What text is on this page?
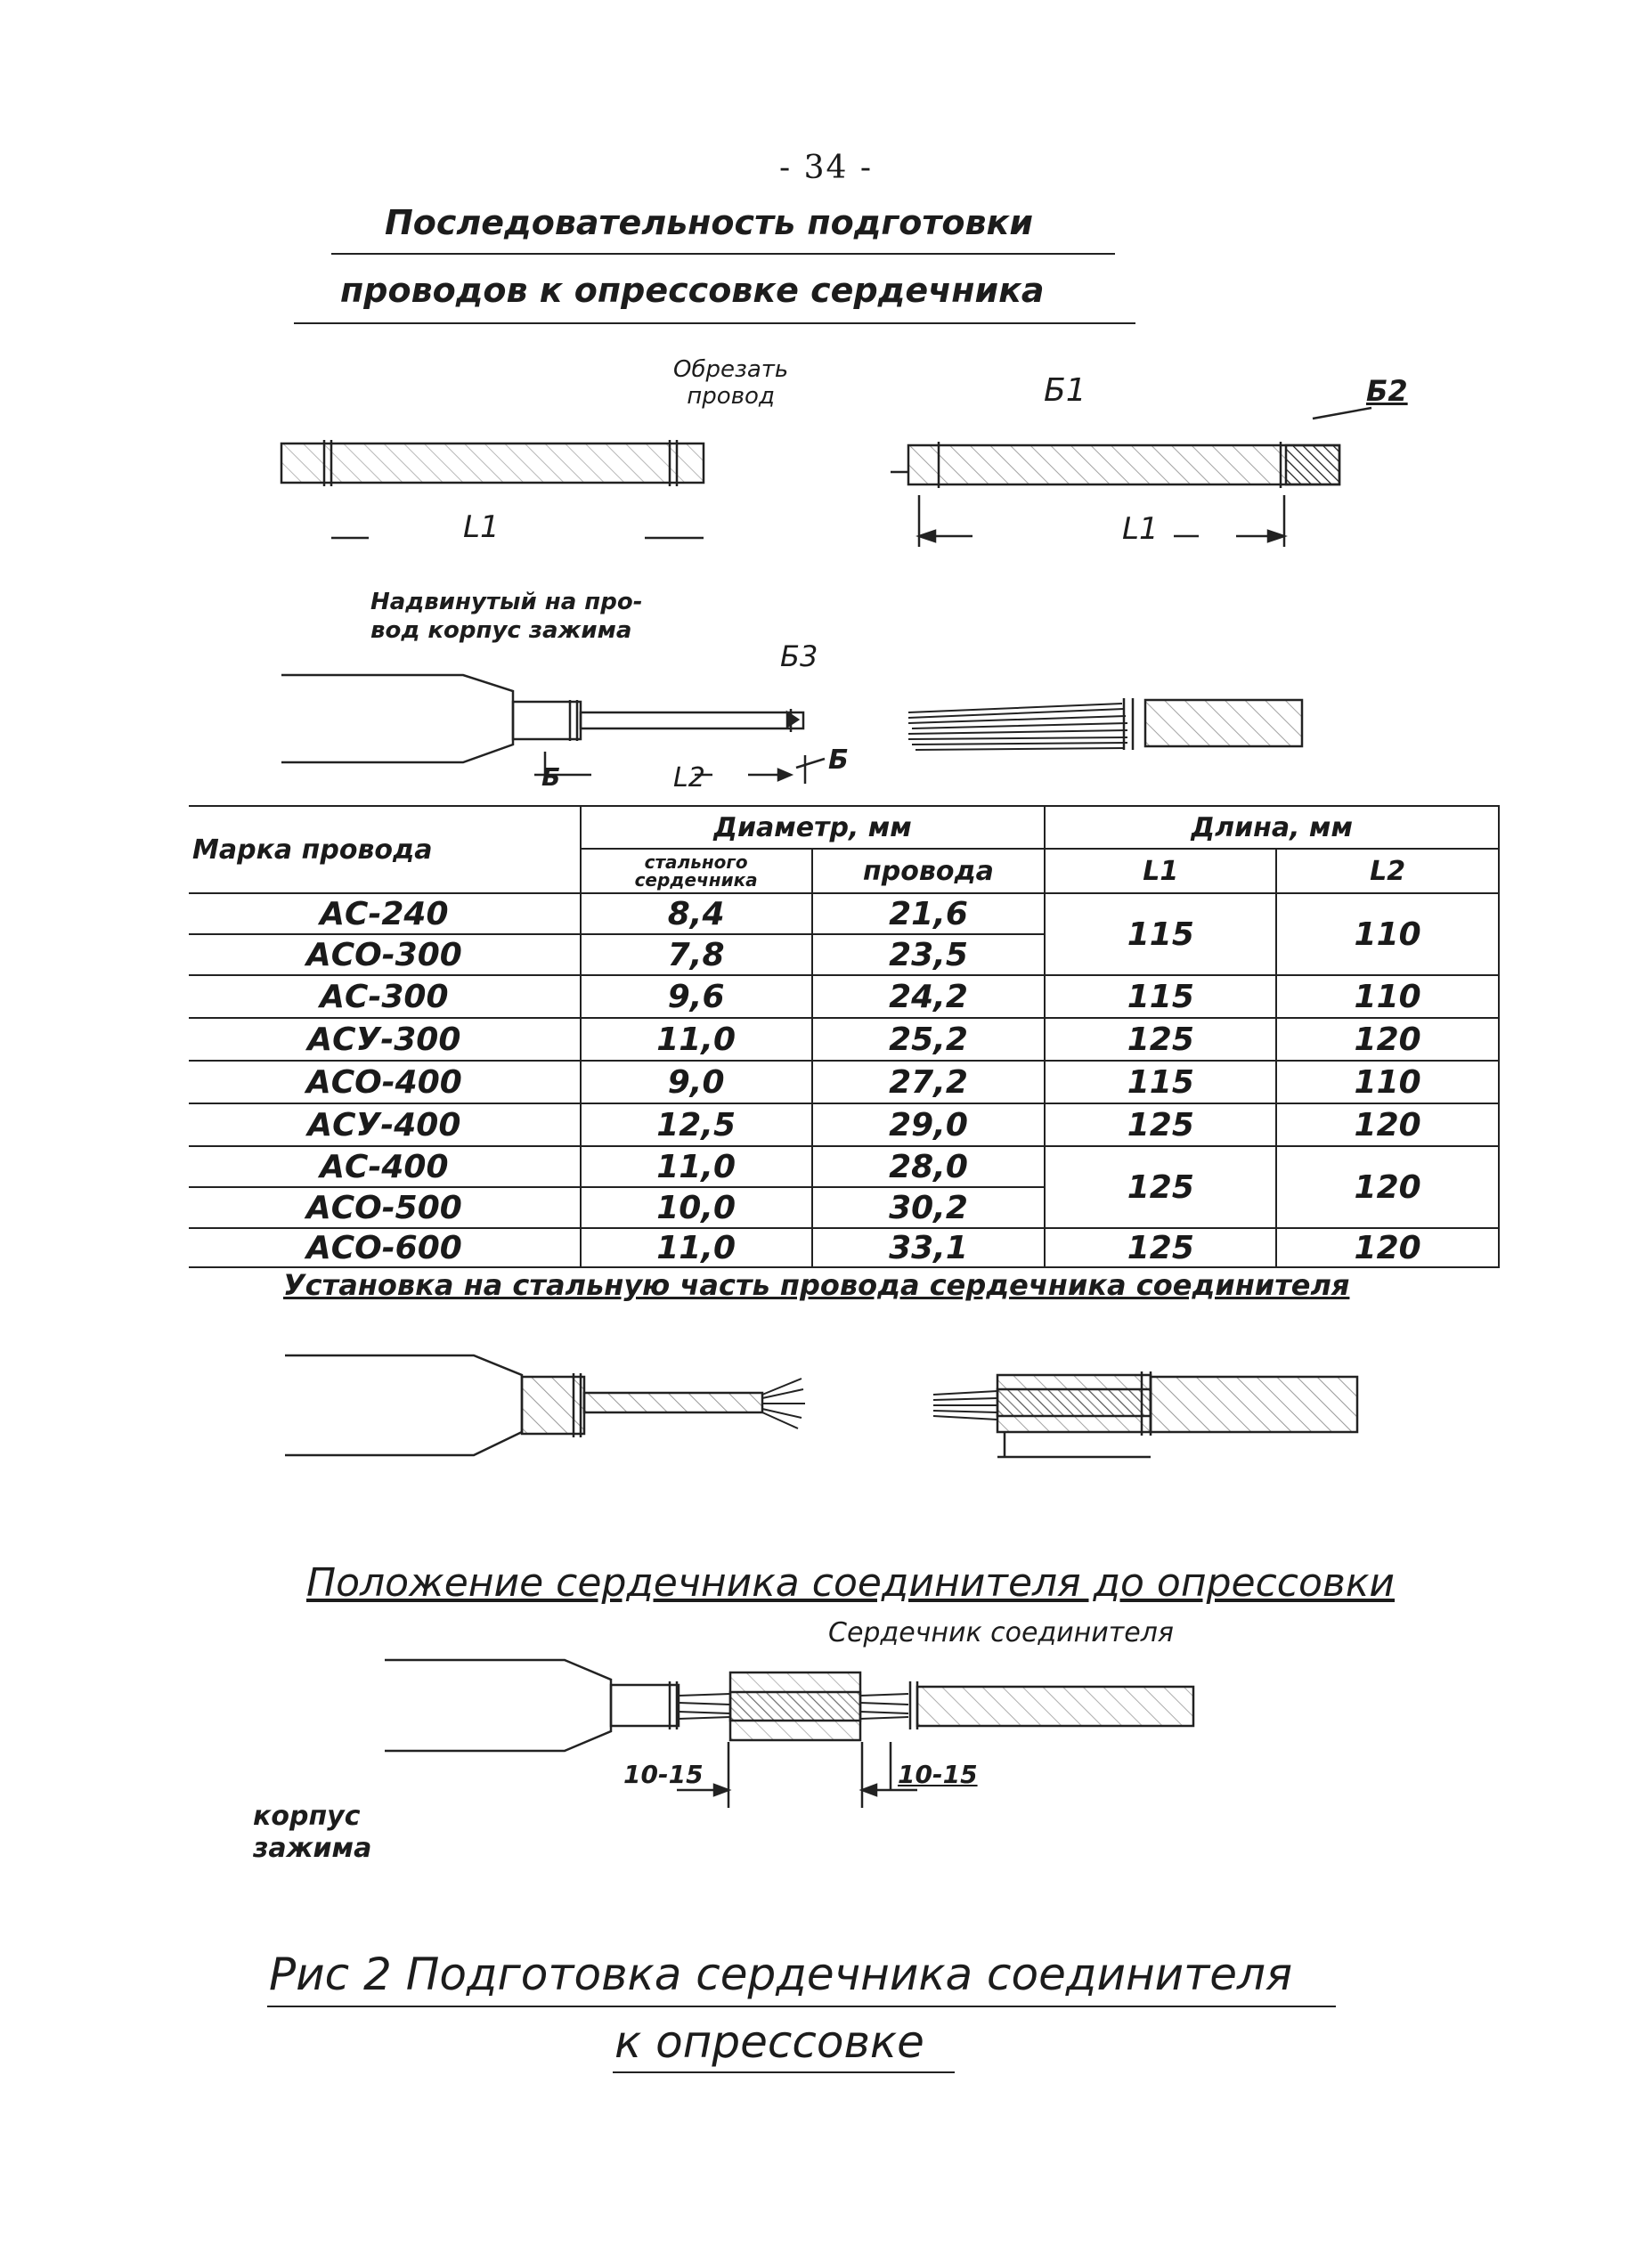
- 34 -
Последовательность подготовки
проводов к опрессовке сердечника
Обрезать
провод	Б1	Б2
L1	L1
Надвинутый на про-
вод корпус зажима
Б3
Б	L2
Б
Марка провода	Диаметр, мм		Длина, мм	
	стального сердечника	провода	L1	L2
АС-240	8,4	21,6	115	110
АСО-300	7,8	23,5		
АС-300	9,6	24,2	115	110
АСУ-300	11,0	25,2	125	120
АСО-400	9,0	27,2	115	110
АСУ-400	12,5	29,0	125	120
АС-400	11,0	28,0	125	120
АСО-500	10,0	30,2		
АСО-600	11,0	33,1	125	120
Установка на стальную часть провода сердечника соединителя
Положение сердечника соединителя до опрессовки
Сердечник соединителя
10-15	10-15
корпус
зажима
Рис 2 Подготовка сердечника соединителя
к опрессовке
